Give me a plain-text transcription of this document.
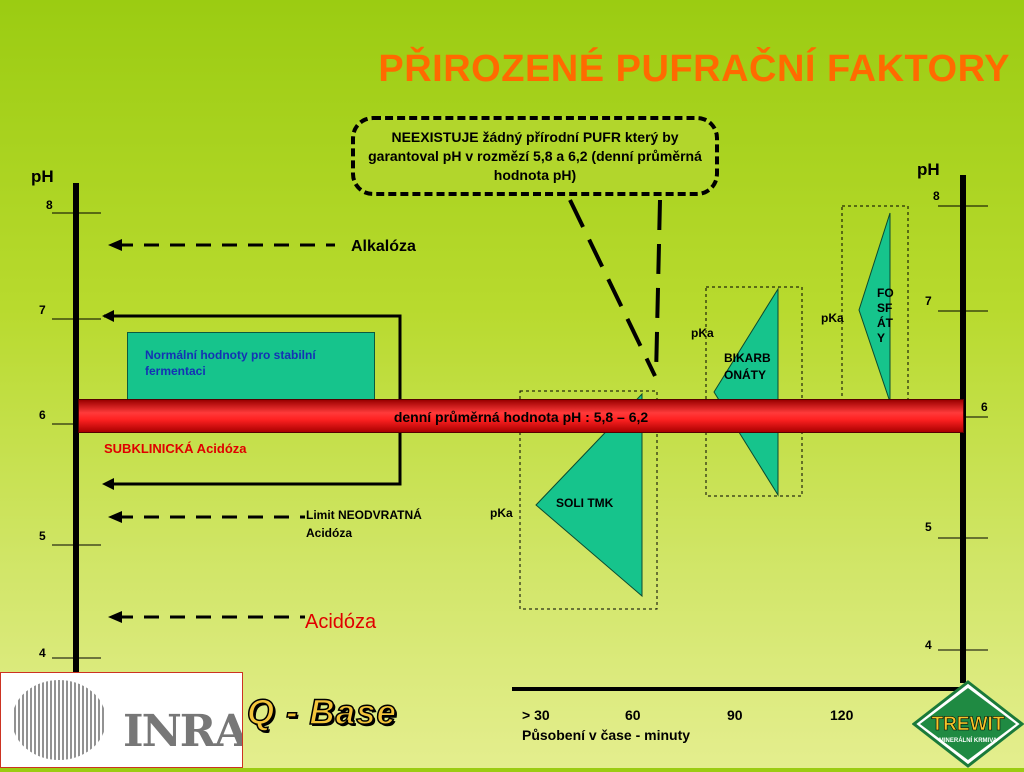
PŘIROZENÉ PUFRAČNÍ FAKTORY
NEEXISTUJE žádný přírodní PUFR který by garantoval pH v rozmězí 5,8 a 6,2 (denní průměrná hodnota pH)
Normální hodnoty pro stabilní fermentaci
denní průměrná hodnota pH : 5,8 – 6,2
pH	pH
8
7
6
5
4
8
7
6
5
4
Alkalóza
SUBKLINICKÁ Acidóza
Limit NEODVRATNÁ
Acidóza
Acidóza
pKa
SOLI TMK
pKa
BIKARB
ONÁTY
pKa
FO
SF
ÁT
Y
> 30	60	90	120
Působení v čase - minuty
INRA Q - Base	TREWIT
MINERÁLNÍ KRMIVA
